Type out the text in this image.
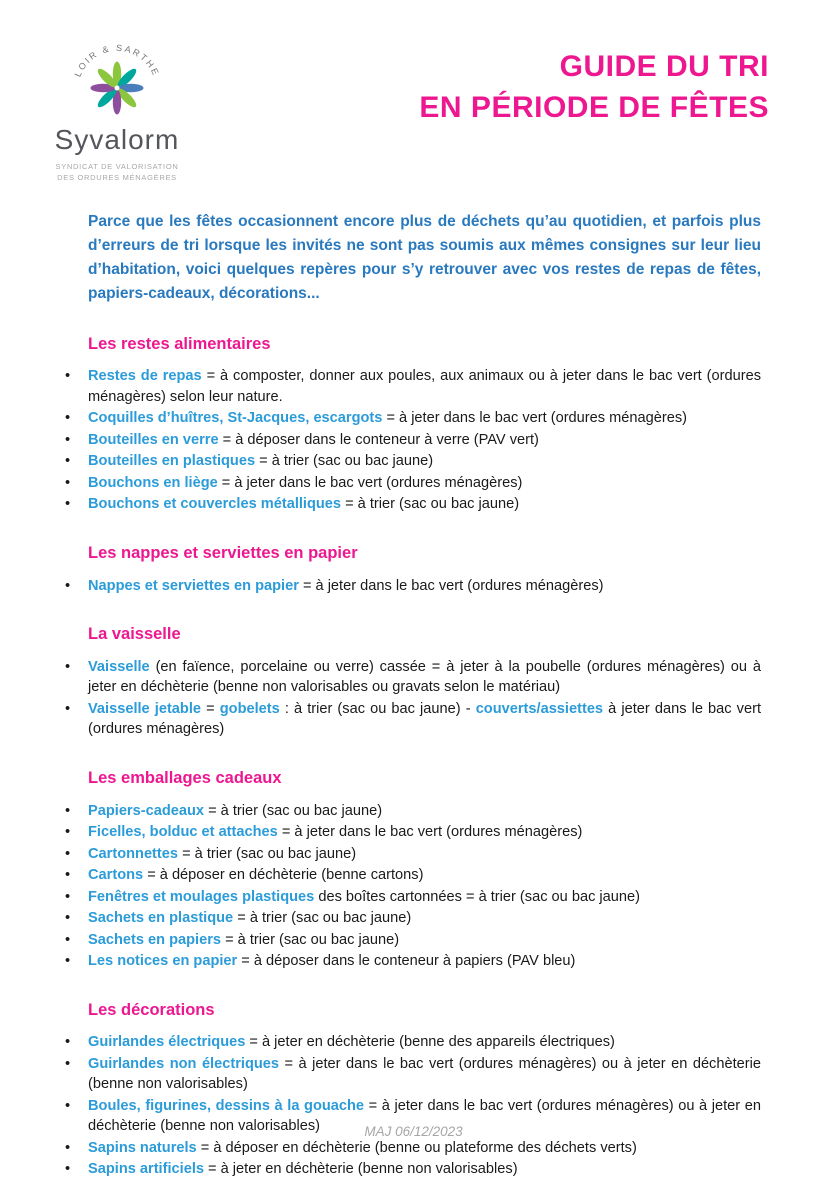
LOIR & SARTHE
Syvalorm
SYNDICAT DE VALORISATION
DES ORDURES MÉNAGÈRES
GUIDE DU TRI
EN PÉRIODE DE FÊTES

Parce que les fêtes occasionnent encore plus de déchets qu’au quotidien, et parfois plus d’erreurs de tri lorsque les invités ne sont pas soumis aux mêmes consignes sur leur lieu d’habitation, voici quelques repères pour s’y retrouver avec vos restes de repas de fêtes, papiers-cadeaux, décorations...

Les restes alimentaires
• Restes de repas = à composter, donner aux poules, aux animaux ou à jeter dans le bac vert (ordures ménagères) selon leur nature.
• Coquilles d’huîtres, St-Jacques, escargots = à jeter dans le bac vert (ordures ménagères)
• Bouteilles en verre = à déposer dans le conteneur à verre (PAV vert)
• Bouteilles en plastiques = à trier (sac ou bac jaune)
• Bouchons en liège = à jeter dans le bac vert (ordures ménagères)
• Bouchons et couvercles métalliques = à trier (sac ou bac jaune)
Les nappes et serviettes en papier
• Nappes et serviettes en papier = à jeter dans le bac vert (ordures ménagères)
La vaisselle
• Vaisselle (en faïence, porcelaine ou verre) cassée = à jeter à la poubelle (ordures ménagères) ou à jeter en déchèterie (benne non valorisables ou gravats selon le matériau)
• Vaisselle jetable = gobelets : à trier (sac ou bac jaune) - couverts/assiettes à jeter dans le bac vert (ordures ménagères)
Les emballages cadeaux
• Papiers-cadeaux = à trier (sac ou bac jaune)
• Ficelles, bolduc et attaches = à jeter dans le bac vert (ordures ménagères)
• Cartonnettes = à trier (sac ou bac jaune)
• Cartons = à déposer en déchèterie (benne cartons)
• Fenêtres et moulages plastiques des boîtes cartonnées = à trier (sac ou bac jaune)
• Sachets en plastique = à trier (sac ou bac jaune)
• Sachets en papiers = à trier (sac ou bac jaune)
• Les notices en papier = à déposer dans le conteneur à papiers (PAV bleu)
Les décorations
• Guirlandes électriques = à jeter en déchèterie (benne des appareils électriques)
• Guirlandes non électriques = à jeter dans le bac vert (ordures ménagères) ou à jeter en déchèterie (benne non valorisables)
• Boules, figurines, dessins à la gouache = à jeter dans le bac vert (ordures ménagères) ou à jeter en déchèterie (benne non valorisables)
• Sapins naturels = à déposer en déchèterie (benne ou plateforme des déchets verts)
• Sapins artificiels = à jeter en déchèterie (benne non valorisables)
MAJ 06/12/2023
